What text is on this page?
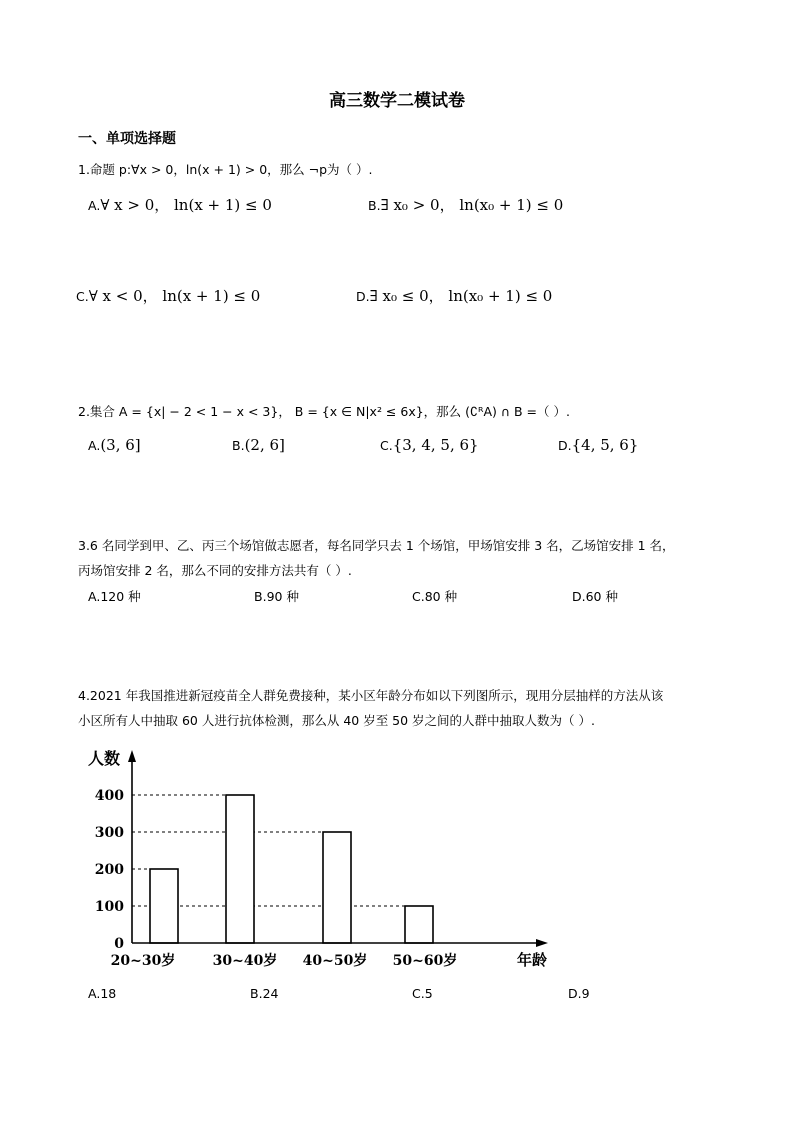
高三数学二模试卷
一、单项选择题
1.命题 p:∀x > 0，ln(x + 1) > 0，那么 ¬p为（ ）.
A.∀ x > 0， ln(x + 1) ≤ 0	B.∃ x₀ > 0， ln(x₀ + 1) ≤ 0
C.∀ x < 0， ln(x + 1) ≤ 0	D.∃ x₀ ≤ 0， ln(x₀ + 1) ≤ 0
2.集合 A = {x| − 2 < 1 − x < 3}， B = {x ∈ N|x² ≤ 6x}，那么 (∁ᴿA) ∩ B =（ ）.
A.(3, 6]	B.(2, 6]	C.{3, 4, 5, 6}	D.{4, 5, 6}
3.6 名同学到甲、乙、丙三个场馆做志愿者，每名同学只去 1 个场馆，甲场馆安排 3 名，乙场馆安排 1 名，
丙场馆安排 2 名，那么不同的安排方法共有（ ）.
A.120 种	B.90 种	C.80 种	D.60 种
4.2021 年我国推进新冠疫苗全人群免费接种，某小区年龄分布如以下列图所示，现用分层抽样的方法从该
小区所有人中抽取 60 人进行抗体检测，那么从 40 岁至 50 岁之间的人群中抽取人数为（ ）.
0
100
200
300
400
20~30岁	30~40岁 40~50岁 50~60岁
人数
年龄
A.18	B.24	C.5	D.9
